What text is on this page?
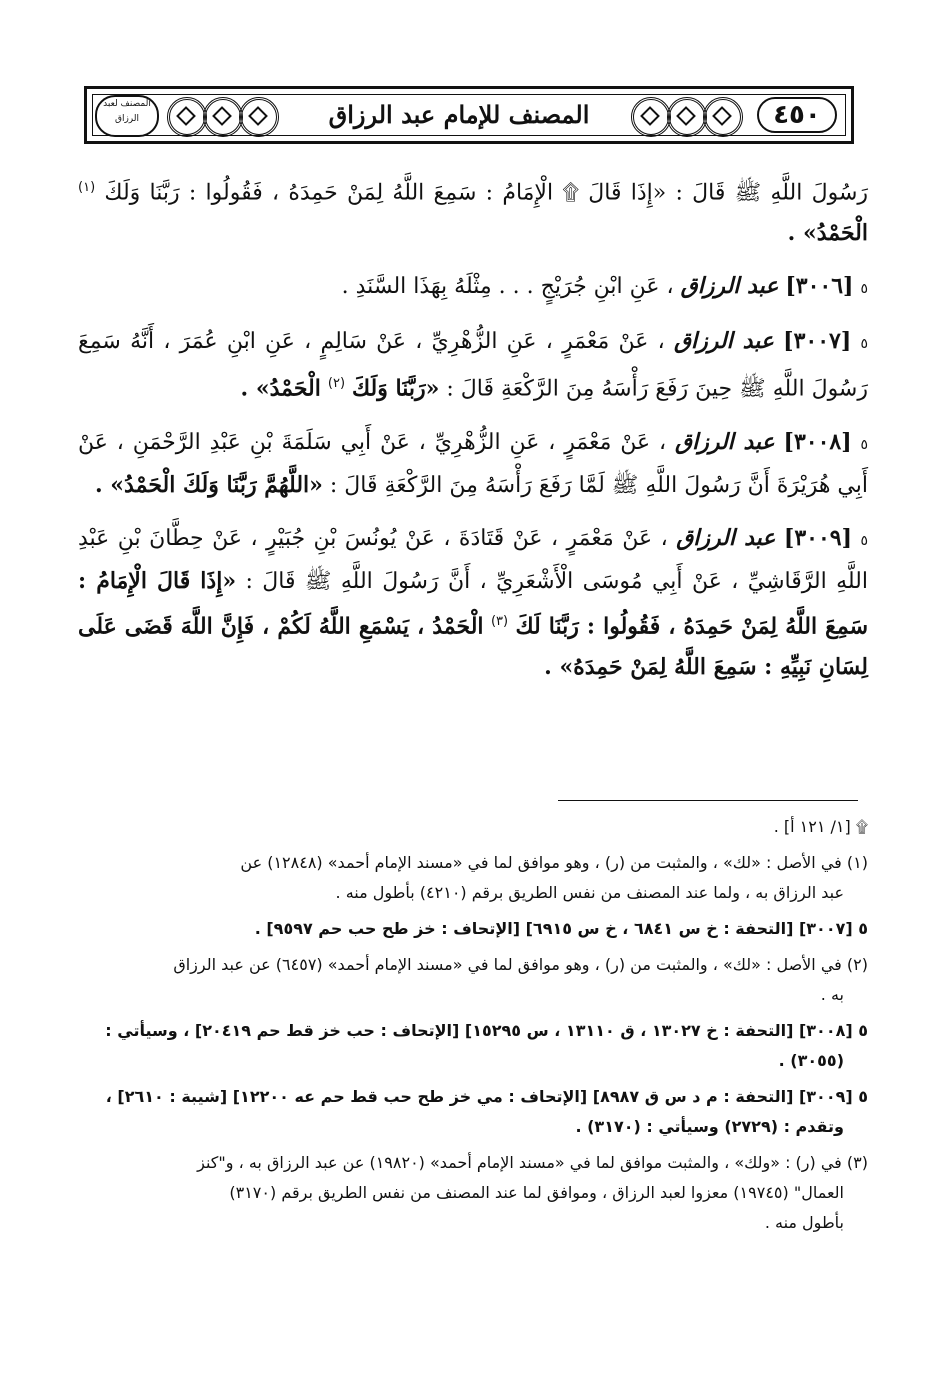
المصنف لعبد الرزاق	المصنف للإمام عبد الرزاق	٤٥٠

رَسُولَ اللَّهِ ﷺ قَالَ : «إِذَا قَالَ ۩ الْإِمَامُ : سَمِعَ اللَّهُ لِمَنْ حَمِدَهُ ، فَقُولُوا : رَبَّنَا وَلَكَ $^{(١)}$ الْحَمْدُ» .

٥ [٣٠٠٦] عبد الرزاق ، عَنِ ابْنِ جُرَيْجٍ . . . مِثْلَهُ بِهَذَا السَّنَدِ .

٥ [٣٠٠٧] عبد الرزاق ، عَنْ مَعْمَرٍ ، عَنِ الزُّهْرِيِّ ، عَنْ سَالِمٍ ، عَنِ ابْنِ عُمَرَ ، أَنَّهُ سَمِعَ رَسُولَ اللَّهِ ﷺ حِينَ رَفَعَ رَأْسَهُ مِنَ الرَّكْعَةِ قَالَ : «رَبَّنَا وَلَكَ $^{(٢)}$ الْحَمْدُ» .

٥ [٣٠٠٨] عبد الرزاق ، عَنْ مَعْمَرٍ ، عَنِ الزُّهْرِيِّ ، عَنْ أَبِي سَلَمَةَ بْنِ عَبْدِ الرَّحْمَنِ ، عَنْ أَبِي هُرَيْرَةَ أَنَّ رَسُولَ اللَّهِ ﷺ لَمَّا رَفَعَ رَأْسَهُ مِنَ الرَّكْعَةِ قَالَ : «اللَّهُمَّ رَبَّنَا وَلَكَ الْحَمْدُ» .

٥ [٣٠٠٩] عبد الرزاق ، عَنْ مَعْمَرٍ ، عَنْ قَتَادَةَ ، عَنْ يُونُسَ بْنِ جُبَيْرٍ ، عَنْ حِطَّانَ بْنِ عَبْدِ اللَّهِ الرَّقَاشِيِّ ، عَنْ أَبِي مُوسَى الْأَشْعَرِيِّ ، أَنَّ رَسُولَ اللَّهِ ﷺ قَالَ : «إِذَا قَالَ الْإِمَامُ : سَمِعَ اللَّهُ لِمَنْ حَمِدَهُ ، فَقُولُوا : رَبَّنَا لَكَ $^{(٣)}$ الْحَمْدُ ، يَسْمَعِ اللَّهُ لَكُمْ ، فَإِنَّ اللَّهَ قَضَى عَلَى لِسَانِ نَبِيِّهِ : سَمِعَ اللَّهُ لِمَنْ حَمِدَهُ» .

۩ [١/ ١٢١ أ] .

(١) في الأصل : «لك» ، والمثبت من (ر) ، وهو موافق لما في «مسند الإمام أحمد» (١٢٨٤٨) عن
عبد الرزاق به ، ولما عند المصنف من نفس الطريق برقم (٤٢١٠) بأطول منه .

٥ [٣٠٠٧] [التحفة : خ س ٦٨٤١ ، خ س ٦٩١٥] [الإتحاف : خز طح حب حم ٩٥٩٧] .

(٢) في الأصل : «لك» ، والمثبت من (ر) ، وهو موافق لما في «مسند الإمام أحمد» (٦٤٥٧) عن عبد الرزاق
به .

٥ [٣٠٠٨] [التحفة : خ ١٣٠٢٧ ، ق ١٣١١٠ ، س ١٥٢٩٥] [الإتحاف : حب خز قط حم ٢٠٤١٩] ، وسيأتي :
(٣٠٥٥) .

٥ [٣٠٠٩] [التحفة : م د س ق ٨٩٨٧] [الإتحاف : مي خز طح حب قط حم عه ١٢٢٠٠] [شيبة : ٢٦١٠] ،
وتقدم : (٢٧٢٩) وسيأتي : (٣١٧٠) .

(٣) في (ر) : «ولك» ، والمثبت موافق لما في «مسند الإمام أحمد» (١٩٨٢٠) عن عبد الرزاق به ، و"كنز
العمال" (١٩٧٤٥) معزوا لعبد الرزاق ، وموافق لما عند المصنف من نفس الطريق برقم (٣١٧٠)
بأطول منه .
